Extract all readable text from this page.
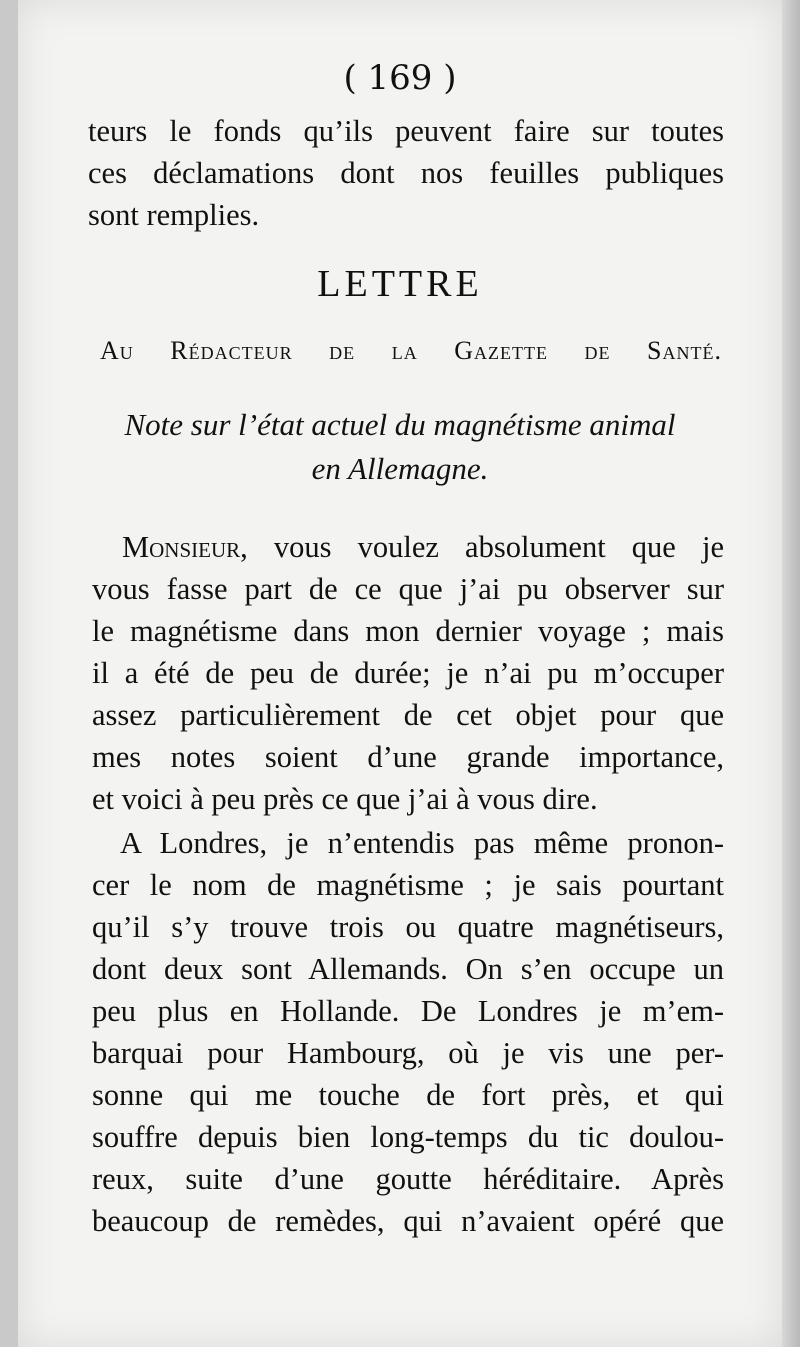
( 169 )
teurs le fonds qu’ils peuvent faire sur toutes
ces déclamations dont nos feuilles publiques
sont remplies.
LETTRE
Au Rédacteur de la Gazette de Santé.
Note sur l’état actuel du magnétisme animal
en Allemagne.
Monsieur, vous voulez absolument que je
vous fasse part de ce que j’ai pu observer sur
le magnétisme dans mon dernier voyage ; mais
il a été de peu de durée; je n’ai pu m’occuper
assez particulièrement de cet objet pour que
mes notes soient d’une grande importance,
et voici à peu près ce que j’ai à vous dire.
A Londres, je n’entendis pas même pronon-
cer le nom de magnétisme ; je sais pourtant
qu’il s’y trouve trois ou quatre magnétiseurs,
dont deux sont Allemands. On s’en occupe un
peu plus en Hollande. De Londres je m’em-
barquai pour Hambourg, où je vis une per-
sonne qui me touche de fort près, et qui
souffre depuis bien long-temps du tic doulou-
reux, suite d’une goutte héréditaire. Après
beaucoup de remèdes, qui n’avaient opéré que
